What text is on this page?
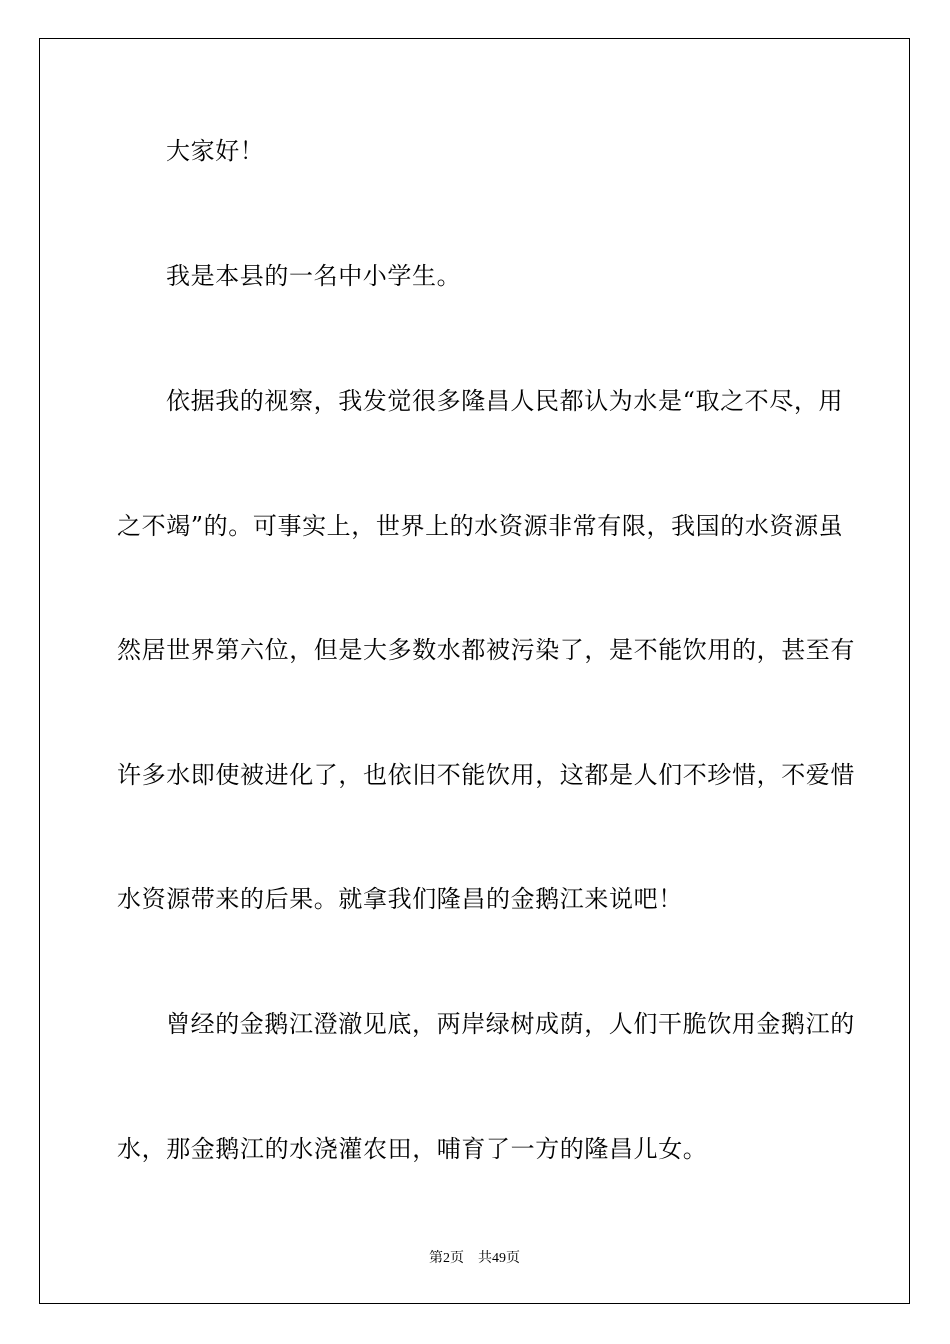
大家好！
我是本县的一名中小学生。
依据我的视察，我发觉很多隆昌人民都认为水是“取之不尽，用
之不竭”的。可事实上，世界上的水资源非常有限，我国的水资源虽
然居世界第六位，但是大多数水都被污染了，是不能饮用的，甚至有
许多水即使被进化了，也依旧不能饮用，这都是人们不珍惜，不爱惜
水资源带来的后果。就拿我们隆昌的金鹅江来说吧！
曾经的金鹅江澄澈见底，两岸绿树成荫，人们干脆饮用金鹅江的
水，那金鹅江的水浇灌农田，哺育了一方的隆昌儿女。
第2页　共49页
